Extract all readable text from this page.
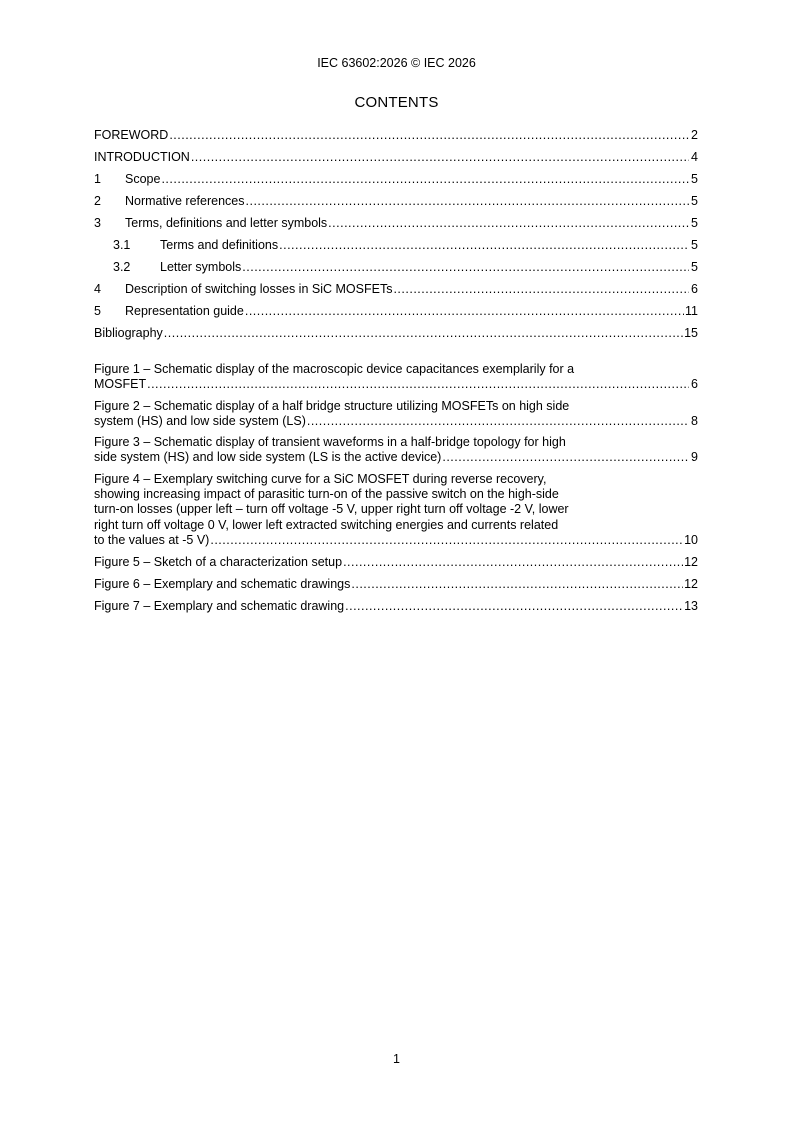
IEC 63602:2026 © IEC 2026
CONTENTS
FOREWORD .....	2
INTRODUCTION .....	4
1	Scope .....	5
2	Normative references .....	5
3	Terms, definitions and letter symbols .....	5
3.1	Terms and definitions .....	5
3.2	Letter symbols .....	5
4	Description of switching losses in SiC MOSFETs .....	6
5	Representation guide .....	11
Bibliography .....	15
Figure 1 – Schematic display of the macroscopic device capacitances exemplarily for a
MOSFET .....	6
Figure 2 – Schematic display of a half bridge structure utilizing MOSFETs on high side
system (HS) and low side system (LS) .....	8
Figure 3 – Schematic display of transient waveforms in a half-bridge topology for high
side system (HS) and low side system (LS is the active device) .....	9
Figure 4 – Exemplary switching curve for a SiC MOSFET during reverse recovery,
showing increasing impact of parasitic turn-on of the passive switch on the high-side
turn-on losses (upper left – turn off voltage -5 V, upper right turn off voltage -2 V, lower
right turn off voltage 0 V, lower left extracted switching energies and currents related
to the values at -5 V) .....	10
Figure 5 – Sketch of a characterization setup .....	12
Figure 6 – Exemplary and schematic drawings .....	12
Figure 7 – Exemplary and schematic drawing .....	13
1
